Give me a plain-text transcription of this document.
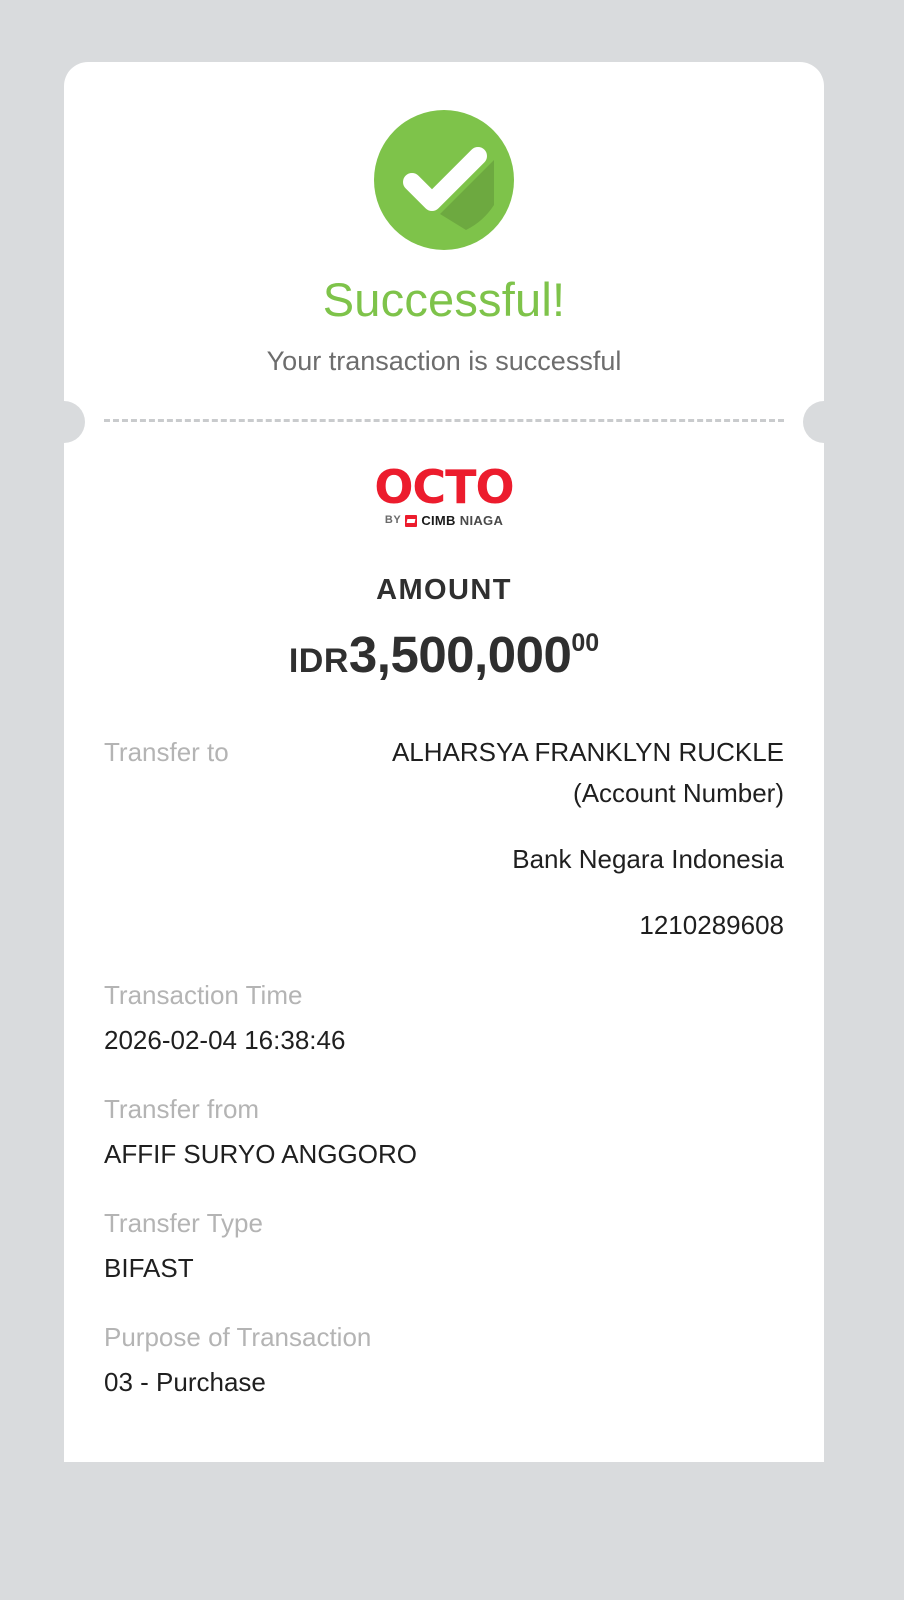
Successful!
Your transaction is successful
OCTO
BY CIMB NIAGA
AMOUNT
IDR3,500,00000
Transfer to	ALHARSYA FRANKLYN RUCKLE (Account Number)
Bank Negara Indonesia
1210289608
Transaction Time
2026-02-04 16:38:46
Transfer from
AFFIF SURYO ANGGORO
Transfer Type
BIFAST
Purpose of Transaction
03 - Purchase
